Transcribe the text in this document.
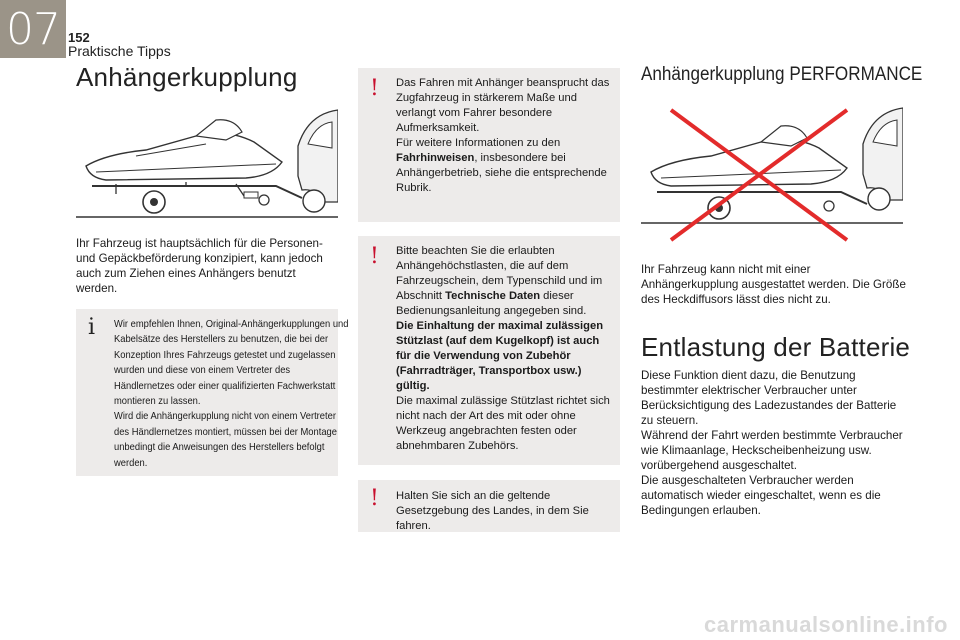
07 152
Praktische Tipps
Anhängerkupplung
Ihr Fahrzeug ist hauptsächlich für die Personen- und Gepäckbeförderung konzipiert, kann jedoch auch zum Ziehen eines Anhängers benutzt werden.
i Wir empfehlen Ihnen, Original-Anhängerkupplungen und Kabelsätze des Herstellers zu benutzen, die bei der Konzeption Ihres Fahrzeugs getestet und zugelassen wurden und diese von einem Vertreter des Händlernetzes oder einer qualifizierten Fachwerkstatt montieren zu lassen.
Wird die Anhängerkupplung nicht von einem Vertreter des Händlernetzes montiert, müssen bei der Montage unbedingt die Anweisungen des Herstellers befolgt werden.
! Das Fahren mit Anhänger beansprucht das Zugfahrzeug in stärkerem Maße und verlangt vom Fahrer besondere Aufmerksamkeit.
Für weitere Informationen zu den
Fahrhinweisen, insbesondere bei Anhängerbetrieb, siehe die entsprechende Rubrik.
! Bitte beachten Sie die erlaubten Anhängehöchstlasten, die auf dem Fahrzeugschein, dem Typenschild und im Abschnitt Technische Daten dieser Bedienungsanleitung angegeben sind.
Die Einhaltung der maximal zulässigen Stützlast (auf dem Kugelkopf) ist auch für die Verwendung von Zubehör (Fahrradträger, Transportbox usw.) gültig.
Die maximal zulässige Stützlast richtet sich nicht nach der Art des mit oder ohne Werkzeug angebrachten festen oder abnehmbaren Zubehörs.
! Halten Sie sich an die geltende Gesetzgebung des Landes, in dem Sie fahren.
Anhängerkupplung PERFORMANCE
Ihr Fahrzeug kann nicht mit einer Anhängerkupplung ausgestattet werden. Die Größe des Heckdiffusors lässt dies nicht zu.
Entlastung der Batterie
Diese Funktion dient dazu, die Benutzung bestimmter elektrischer Verbraucher unter Berücksichtigung des Ladezustandes der Batterie zu steuern.
Während der Fahrt werden bestimmte Verbraucher wie Klimaanlage, Heckscheibenheizung usw. vorübergehend ausgeschaltet.
Die ausgeschalteten Verbraucher werden automatisch wieder eingeschaltet, wenn es die Bedingungen erlauben.
carmanualsonline.info
